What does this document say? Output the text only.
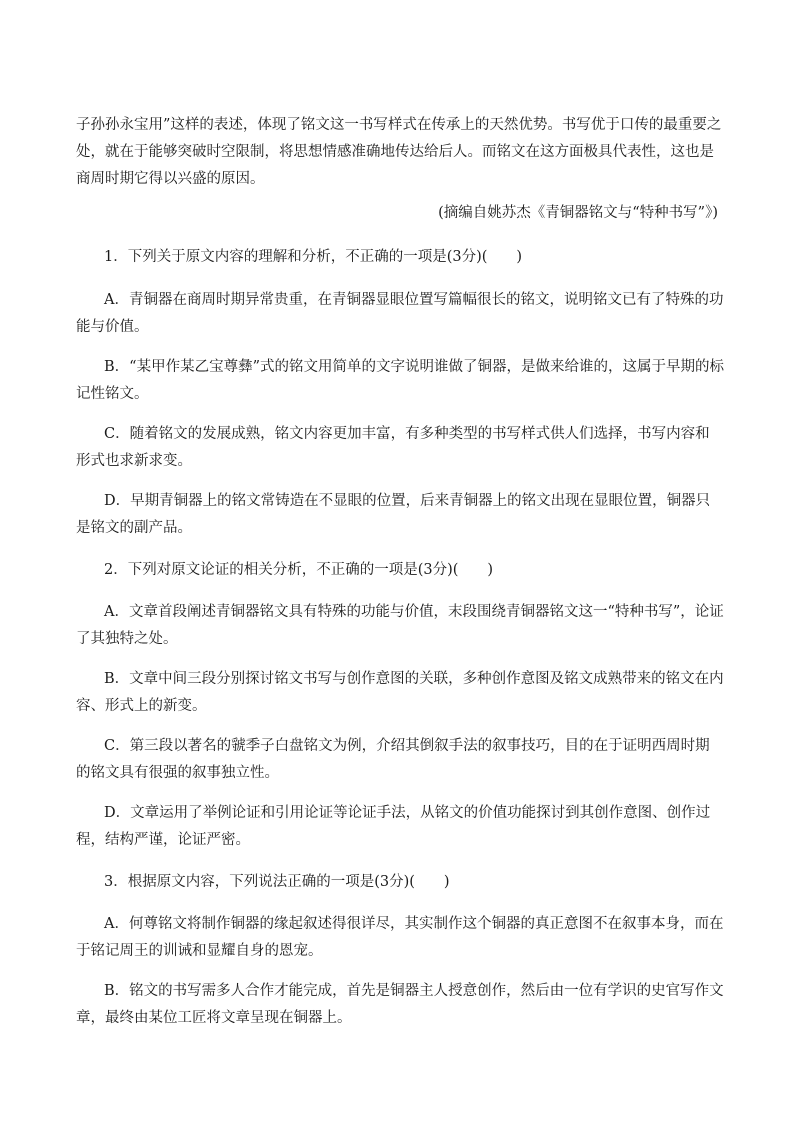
子孙孙永宝用”这样的表述，体现了铭文这一书写样式在传承上的天然优势。书写优于口传的最重要之处，就在于能够突破时空限制，将思想情感准确地传达给后人。而铭文在这方面极具代表性，这也是商周时期它得以兴盛的原因。

(摘编自姚苏杰《青铜器铭文与“特种书写”》)

1．下列关于原文内容的理解和分析，不正确的一项是(3分)(　　)

A．青铜器在商周时期异常贵重，在青铜器显眼位置写篇幅很长的铭文，说明铭文已有了特殊的功能与价值。

B．“某甲作某乙宝尊彝”式的铭文用简单的文字说明谁做了铜器，是做来给谁的，这属于早期的标记性铭文。

C．随着铭文的发展成熟，铭文内容更加丰富，有多种类型的书写样式供人们选择，书写内容和形式也求新求变。

D．早期青铜器上的铭文常铸造在不显眼的位置，后来青铜器上的铭文出现在显眼位置，铜器只是铭文的副产品。

2．下列对原文论证的相关分析，不正确的一项是(3分)(　　)

A．文章首段阐述青铜器铭文具有特殊的功能与价值，末段围绕青铜器铭文这一“特种书写”，论证了其独特之处。

B．文章中间三段分别探讨铭文书写与创作意图的关联，多种创作意图及铭文成熟带来的铭文在内容、形式上的新变。

C．第三段以著名的虢季子白盘铭文为例，介绍其倒叙手法的叙事技巧，目的在于证明西周时期的铭文具有很强的叙事独立性。

D．文章运用了举例论证和引用论证等论证手法，从铭文的价值功能探讨到其创作意图、创作过程，结构严谨，论证严密。

3．根据原文内容，下列说法正确的一项是(3分)(　　)

A．何尊铭文将制作铜器的缘起叙述得很详尽，其实制作这个铜器的真正意图不在叙事本身，而在于铭记周王的训诫和显耀自身的恩宠。

B．铭文的书写需多人合作才能完成，首先是铜器主人授意创作，然后由一位有学识的史官写作文章，最终由某位工匠将文章呈现在铜器上。
